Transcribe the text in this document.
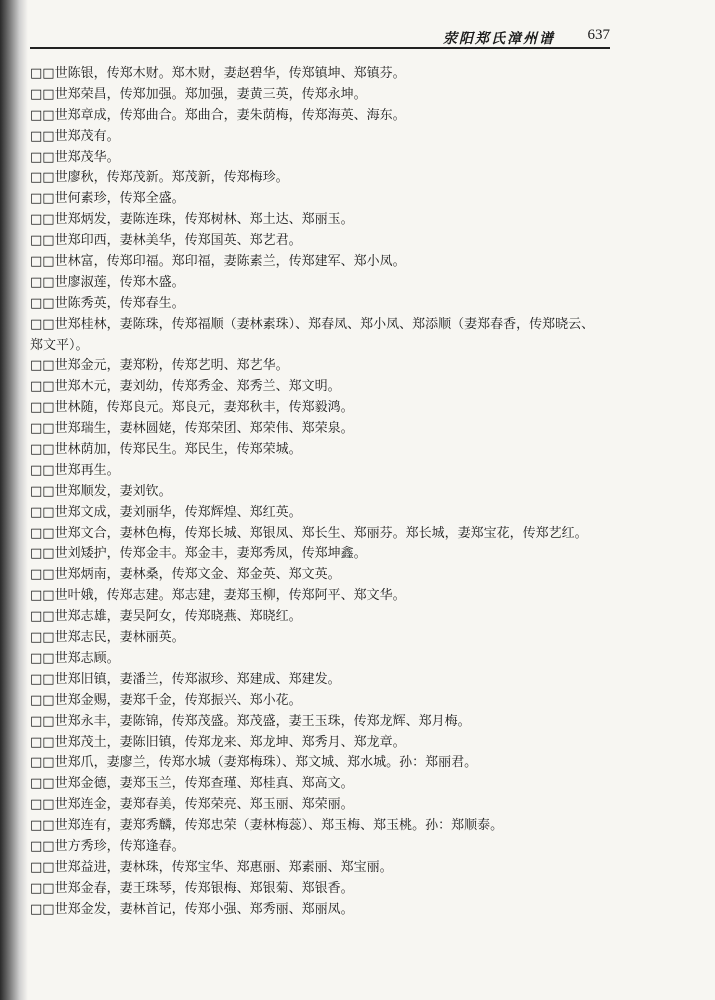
荥阳郑氏漳州谱 637
□□世陈银，传郑木财。郑木财，妻赵碧华，传郑镇坤、郑镇芬。
□□世郑荣昌，传郑加强。郑加强，妻黄三英，传郑永坤。
□□世郑章成，传郑曲合。郑曲合，妻朱荫梅，传郑海英、海东。
□□世郑茂有。
□□世郑茂华。
□□世廖秋，传郑茂新。郑茂新，传郑梅珍。
□□世何素珍，传郑全盛。
□□世郑炳发，妻陈连珠，传郑树林、郑土达、郑丽玉。
□□世郑印西，妻林美华，传郑国英、郑艺君。
□□世林富，传郑印福。郑印福，妻陈素兰，传郑建军、郑小凤。
□□世廖淑莲，传郑木盛。
□□世陈秀英，传郑春生。
□□世郑桂林，妻陈珠，传郑福顺（妻林素珠）、郑春凤、郑小凤、郑添顺（妻郑春香，传郑晓云、
郑文平）。
□□世郑金元，妻郑粉，传郑艺明、郑艺华。
□□世郑木元，妻刘幼，传郑秀金、郑秀兰、郑文明。
□□世林随，传郑良元。郑良元，妻郑秋丰，传郑毅鸿。
□□世郑瑞生，妻林圆姥，传郑荣团、郑荣伟、郑荣泉。
□□世林荫加，传郑民生。郑民生，传郑荣城。
□□世郑再生。
□□世郑顺发，妻刘钦。
□□世郑文成，妻刘丽华，传郑辉煌、郑红英。
□□世郑文合，妻林色梅，传郑长城、郑银凤、郑长生、郑丽芬。郑长城，妻郑宝花，传郑艺红。
□□世刘矮护，传郑金丰。郑金丰，妻郑秀凤，传郑坤鑫。
□□世郑炳南，妻林桑，传郑文金、郑金英、郑文英。
□□世叶娥，传郑志建。郑志建，妻郑玉柳，传郑阿平、郑文华。
□□世郑志雄，妻吴阿女，传郑晓燕、郑晓红。
□□世郑志民，妻林丽英。
□□世郑志顾。
□□世郑旧镇，妻潘兰，传郑淑珍、郑建成、郑建发。
□□世郑金赐，妻郑千金，传郑振兴、郑小花。
□□世郑永丰，妻陈锦，传郑茂盛。郑茂盛，妻王玉珠，传郑龙辉、郑月梅。
□□世郑茂土，妻陈旧镇，传郑龙来、郑龙坤、郑秀月、郑龙章。
□□世郑爪，妻廖兰，传郑水城（妻郑梅珠）、郑文城、郑水城。孙：郑丽君。
□□世郑金德，妻郑玉兰，传郑查瑾、郑桂真、郑高文。
□□世郑连金，妻郑春美，传郑荣亮、郑玉丽、郑荣丽。
□□世郑连有，妻郑秀麟，传郑忠荣（妻林梅蕊）、郑玉梅、郑玉桃。孙：郑顺泰。
□□世方秀珍，传郑逢春。
□□世郑益进，妻林珠，传郑宝华、郑惠丽、郑素丽、郑宝丽。
□□世郑金春，妻王珠琴，传郑银梅、郑银菊、郑银香。
□□世郑金发，妻林首记，传郑小强、郑秀丽、郑丽凤。
